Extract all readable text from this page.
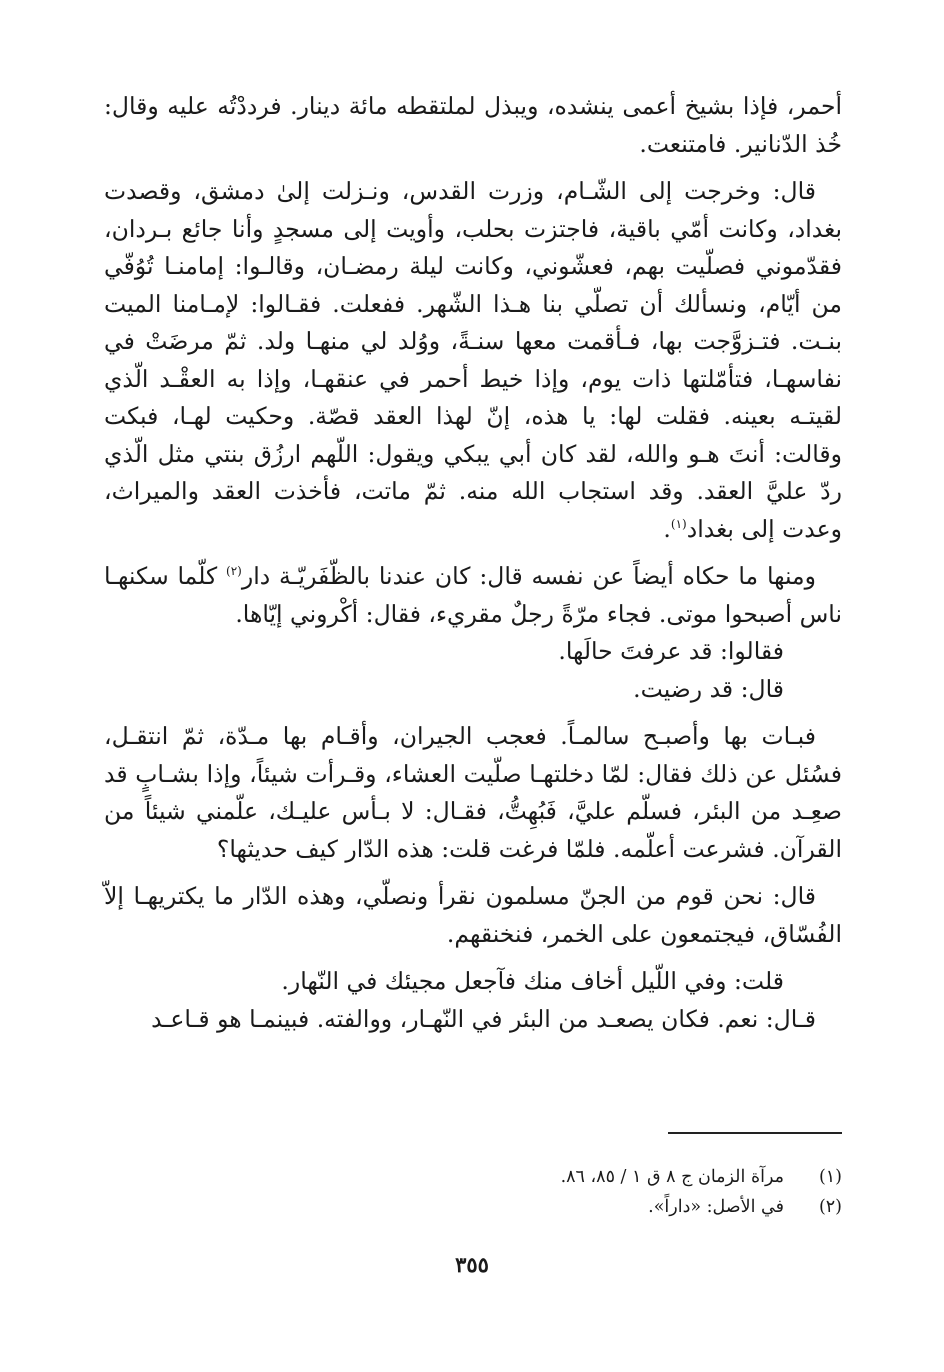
أحمر، فإذا بشيخ أعمى ينشده، ويبذل لملتقطه مائة دينار. فرددْتُه عليه وقال: خُذ الدّنانير. فامتنعت.

قال: وخرجت إلى الشّـام، وزرت القدس، ونـزلت إلىٰ دمشق، وقصدت بغداد، وكانت أمّي باقية، فاجتزت بحلب، وأويت إلى مسجدٍ وأنا جائع بـردان، فقدّموني فصلّيت بهم، فعشّوني، وكانت ليلة رمضـان، وقالـوا: إمامنـا تُوُفّي من أيّام، ونسألك أن تصلّي بنا هـذا الشّهر. ففعلت. فقـالوا: لإمـامنا الميت بنـت. فتـزوَّجت بها، فـأقمت معها سنـةً، ووُلد لي منهـا ولد. ثمّ مرضَتْ في نفاسهـا، فتأمّلتها ذات يوم، وإذا خيط أحمر في عنقهـا، وإذا به العقْـد الّذي لقيتـه بعينه. فقلت لها: يا هذه، إنّ لهذا العقد قصّة. وحكيت لهـا، فبكت وقالت: أنتَ هـو والله، لقد كان أبي يبكي ويقول: اللّهم ارزُق بنتي مثل الّذي ردّ عليَّ العقد. وقد استجاب الله منه. ثمّ ماتت، فأخذت العقد والميراث، وعدت إلى بغداد$^{(١)}$.

ومنها ما حكاه أيضاً عن نفسه قال: كان عندنا بالظّفَريّـة دار$^{(٢)}$ كلّما سكنهـا ناس أصبحوا موتى. فجاء مرّةً رجلٌ مقريء، فقال: أكْروني إيّاها.

فقالوا: قد عرفتَ حالَها.

قال: قد رضيت.

فبـات بها وأصبـح سالمـاً. فعجب الجيران، وأقـام بها مـدّة، ثمّ انتقـل، فسُئل عن ذلك فقال: لمّا دخلتهـا صلّيت العشاء، وقـرأت شيئاً، وإذا بشـابٍ قد صعِـد من البئر، فسلّم عليَّ، فَبُهِتُّ، فقـال: لا بـأس عليـك، علّمني شيئاً من القرآن. فشرعت أعلّمه. فلمّا فرغت قلت: هذه الدّار كيف حديثها؟

قال: نحن قوم من الجنّ مسلمون نقرأ ونصلّي، وهذه الدّار ما يكتريهـا إلاّ الفُسّاق، فيجتمعون على الخمر، فنخنقهم.

قلت: وفي اللّيل أخاف منك فآجعل مجيئك في النّهار.

قـال: نعم. فكان يصعـد من البئر في النّهـار، ووالفته. فبينمـا هو قـاعـد

(١)
مرآة الزمان ج ٨ ق ١ / ٨٥، ٨٦.
(٢)
في الأصل: «داراً».
٣٥٥
